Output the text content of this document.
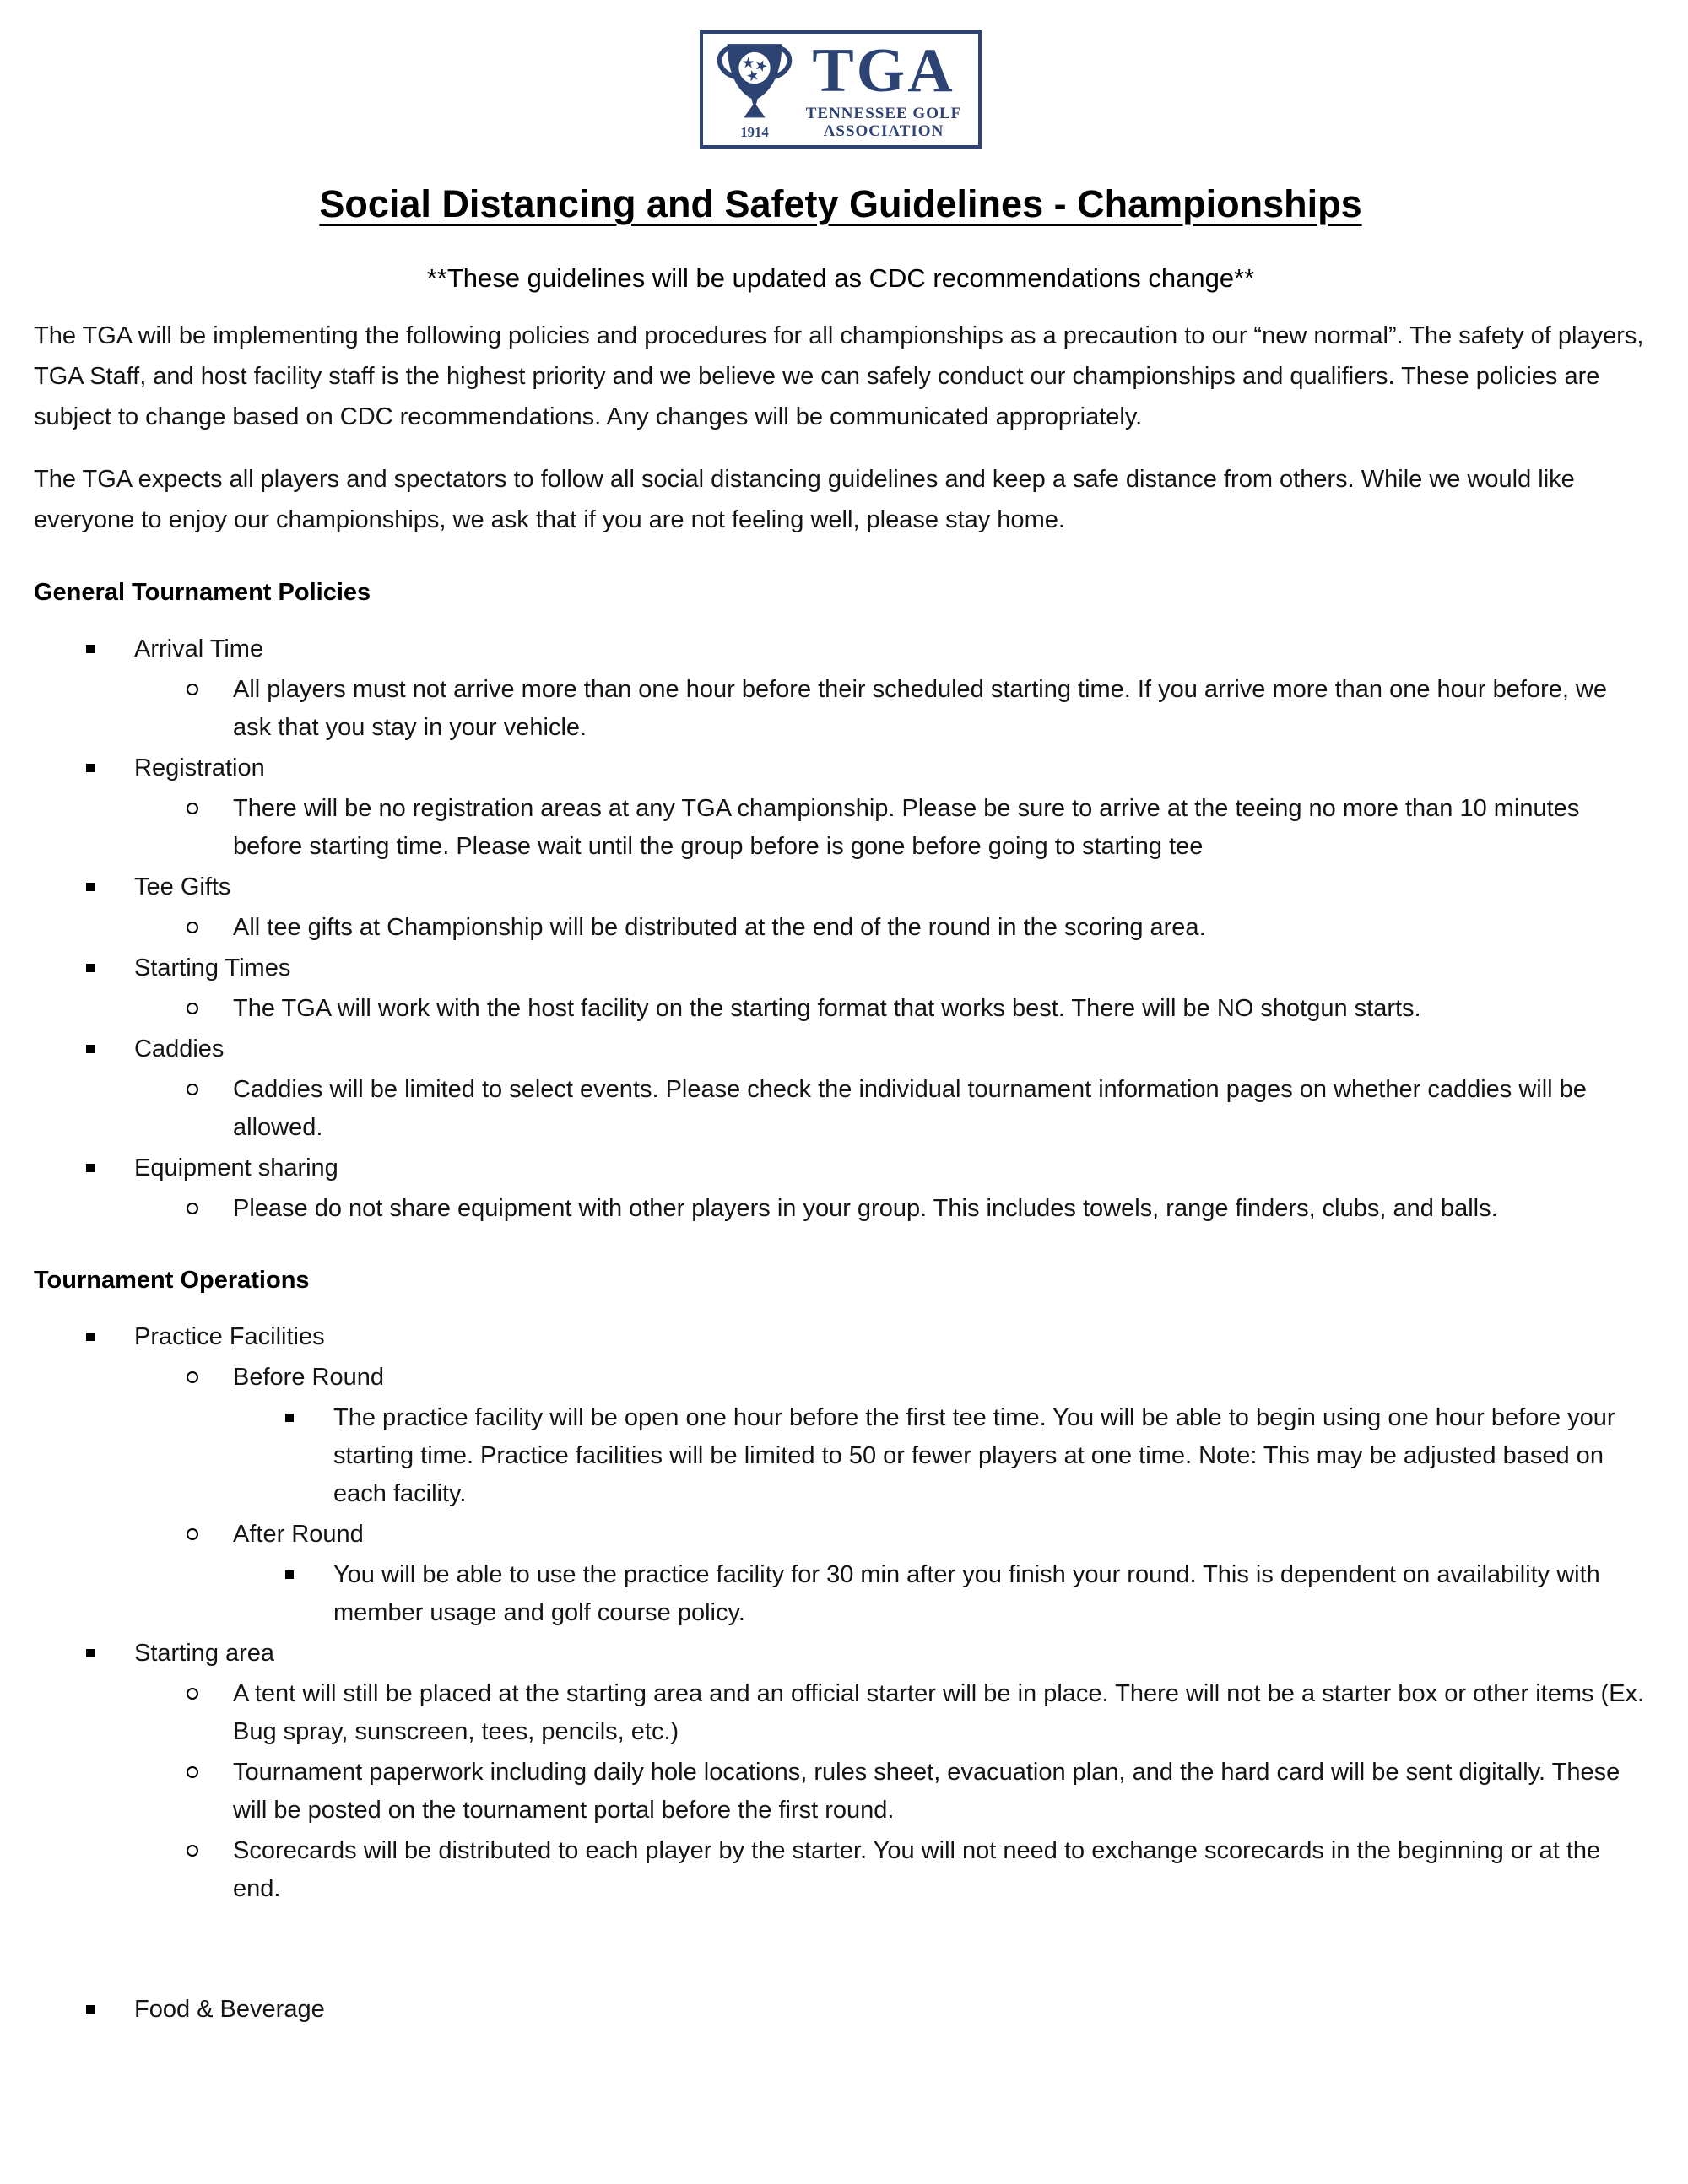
1914
TGA
TENNESSEE GOLF
ASSOCIATION
Social Distancing and Safety Guidelines - Championships

**These guidelines will be updated as CDC recommendations change**

The TGA will be implementing the following policies and procedures for all championships as a precaution to our “new normal”. The safety of players, TGA Staff, and host facility staff is the highest priority and we believe we can safely conduct our championships and qualifiers. These policies are subject to change based on CDC recommendations. Any changes will be communicated appropriately.

The TGA expects all players and spectators to follow all social distancing guidelines and keep a safe distance from others. While we would like everyone to enjoy our championships, we ask that if you are not feeling well, please stay home.

General Tournament Policies
Arrival Time
All players must not arrive more than one hour before their scheduled starting time. If you arrive more than one hour before, we ask that you stay in your vehicle.
Registration
There will be no registration areas at any TGA championship. Please be sure to arrive at the teeing no more than 10 minutes before starting time. Please wait until the group before is gone before going to starting tee
Tee Gifts
All tee gifts at Championship will be distributed at the end of the round in the scoring area.
Starting Times
The TGA will work with the host facility on the starting format that works best. There will be NO shotgun starts.
Caddies
Caddies will be limited to select events. Please check the individual tournament information pages on whether caddies will be allowed.
Equipment sharing
Please do not share equipment with other players in your group. This includes towels, range finders, clubs, and balls.
Tournament Operations
Practice Facilities
Before Round
The practice facility will be open one hour before the first tee time. You will be able to begin using one hour before your starting time. Practice facilities will be limited to 50 or fewer players at one time. Note: This may be adjusted based on each facility.
After Round
You will be able to use the practice facility for 30 min after you finish your round. This is dependent on availability with member usage and golf course policy.
Starting area
A tent will still be placed at the starting area and an official starter will be in place. There will not be a starter box or other items (Ex. Bug spray, sunscreen, tees, pencils, etc.)
Tournament paperwork including daily hole locations, rules sheet, evacuation plan, and the hard card will be sent digitally. These will be posted on the tournament portal before the first round.
Scorecards will be distributed to each player by the starter. You will not need to exchange scorecards in the beginning or at the end.
Food & Beverage
